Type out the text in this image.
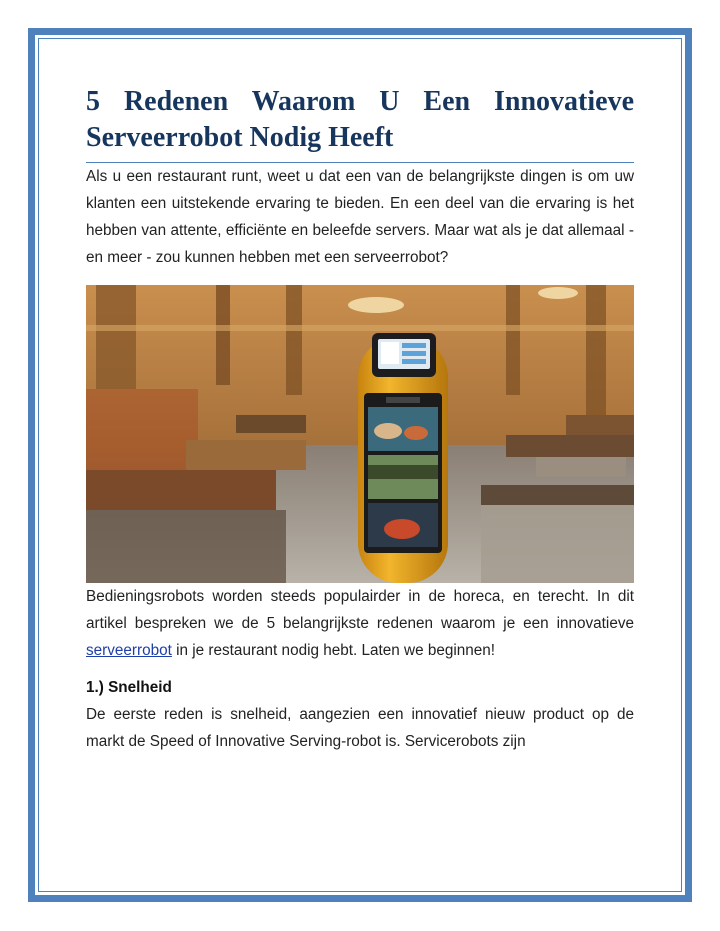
5 Redenen Waarom U Een Innovatieve
Serveerrobot Nodig Heeft

Als u een restaurant runt, weet u dat een van de belangrijkste dingen is om uw klanten een uitstekende ervaring te bieden. En een deel van die ervaring is het hebben van attente, efficiënte en beleefde servers. Maar wat als je dat allemaal - en meer - zou kunnen hebben met een serveerrobot?

Bedieningsrobots worden steeds populairder in de horeca, en terecht. In dit artikel bespreken we de 5 belangrijkste redenen waarom je een innovatieve serveerrobot in je restaurant nodig hebt. Laten we beginnen!

1.) Snelheid

De eerste reden is snelheid, aangezien een innovatief nieuw product op de markt de Speed of Innovative Serving-robot is. Servicerobots zijn
